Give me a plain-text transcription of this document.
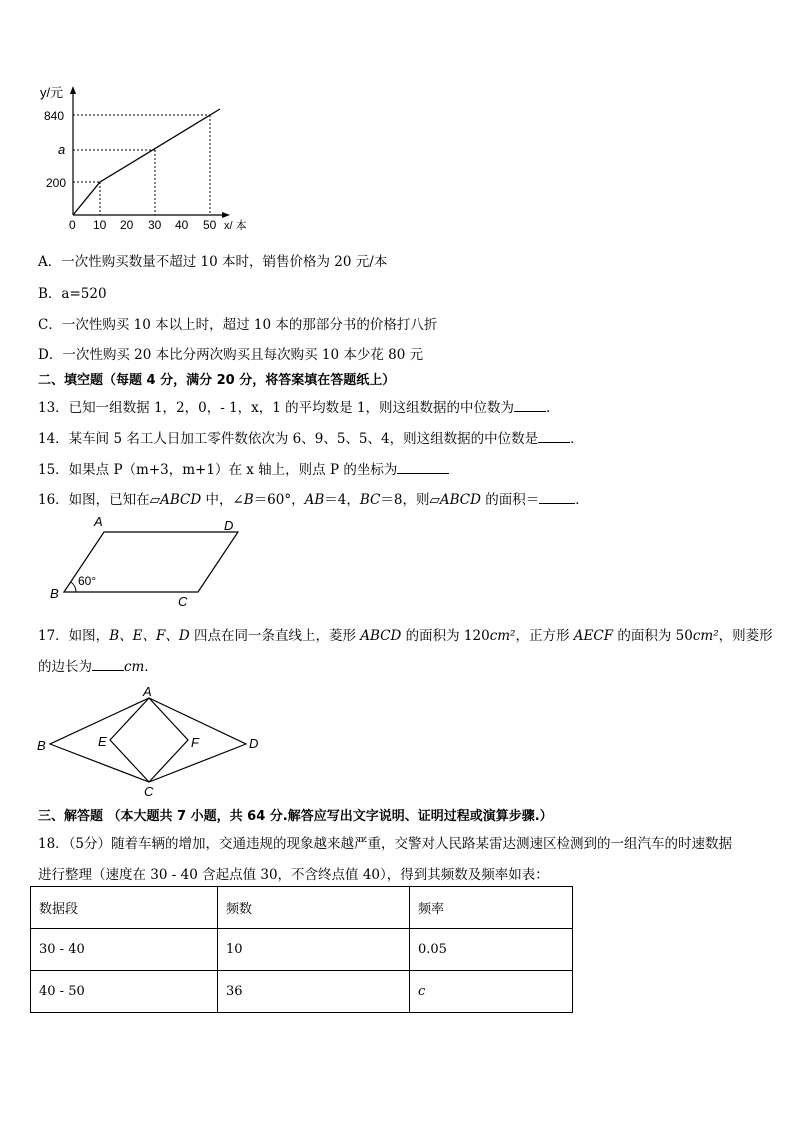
y/元
840
a
200
0 10 20 30 40 50 x/ 本
A．一次性购买数量不超过 10 本时，销售价格为 20 元/本
B．a=520
C．一次性购买 10 本以上时，超过 10 本的那部分书的价格打八折
D．一次性购买 20 本比分两次购买且每次购买 10 本少花 80 元
二、填空题（每题 4 分，满分 20 分，将答案填在答题纸上）
13．已知一组数据 1，2，0，- 1，x，1 的平均数是 1，则这组数据的中位数为 ．
14．某车间 5 名工人日加工零件数依次为 6、9、5、5、4，则这组数据的中位数是 ．
15．如果点 P（m+3，m+1）在 x 轴上，则点 P 的坐标为
16．如图，已知在▱ABCD 中，∠B＝60°，AB＝4，BC＝8，则▱ABCD 的面积＝	．
A	D
B
C
60°
17．如图，B、E、F、D 四点在同一条直线上，菱形 ABCD 的面积为 120cm²，正方形 AECF 的面积为 50cm²，则菱形
的边长为 cm．
A
B
C
D
E	F
三、解答题 （本大题共 7 小题，共 64 分.解答应写出文字说明、证明过程或演算步骤.）
18．（5分）随着车辆的增加，交通违规的现象越来越严重，交警对人民路某雷达测速区检测到的一组汽车的时速数据
进行整理（速度在 30 - 40 含起点值 30，不含终点值 40），得到其频数及频率如表：
数据段	频数	频率
30 - 40	10	0.05
40 - 50	36	c
